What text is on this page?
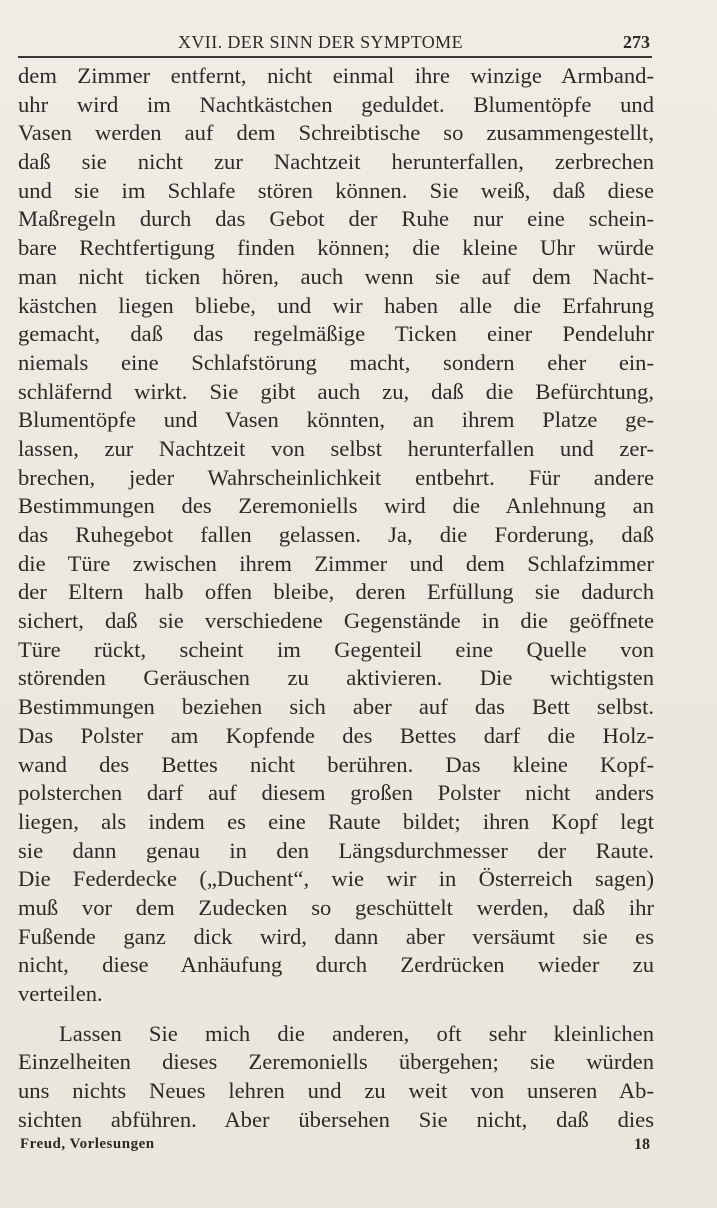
XVII. DER SINN DER SYMPTOME	273
dem Zimmer entfernt, nicht einmal ihre winzige Armband-
uhr wird im Nachtkästchen geduldet. Blumentöpfe und
Vasen werden auf dem Schreibtische so zusammengestellt,
daß sie nicht zur Nachtzeit herunterfallen, zerbrechen
und sie im Schlafe stören können. Sie weiß, daß diese
Maßregeln durch das Gebot der Ruhe nur eine schein-
bare Rechtfertigung finden können; die kleine Uhr würde
man nicht ticken hören, auch wenn sie auf dem Nacht-
kästchen liegen bliebe, und wir haben alle die Erfahrung
gemacht, daß das regelmäßige Ticken einer Pendeluhr
niemals eine Schlafstörung macht, sondern eher ein-
schläfernd wirkt. Sie gibt auch zu, daß die Befürchtung,
Blumentöpfe und Vasen könnten, an ihrem Platze ge-
lassen, zur Nachtzeit von selbst herunterfallen und zer-
brechen, jeder Wahrscheinlichkeit entbehrt. Für andere
Bestimmungen des Zeremoniells wird die Anlehnung an
das Ruhegebot fallen gelassen. Ja, die Forderung, daß
die Türe zwischen ihrem Zimmer und dem Schlafzimmer
der Eltern halb offen bleibe, deren Erfüllung sie dadurch
sichert, daß sie verschiedene Gegenstände in die geöffnete
Türe rückt, scheint im Gegenteil eine Quelle von
störenden Geräuschen zu aktivieren. Die wichtigsten
Bestimmungen beziehen sich aber auf das Bett selbst.
Das Polster am Kopfende des Bettes darf die Holz-
wand des Bettes nicht berühren. Das kleine Kopf-
polsterchen darf auf diesem großen Polster nicht anders
liegen, als indem es eine Raute bildet; ihren Kopf legt
sie dann genau in den Längsdurchmesser der Raute.
Die Federdecke („Duchent“, wie wir in Österreich sagen)
muß vor dem Zudecken so geschüttelt werden, daß ihr
Fußende ganz dick wird, dann aber versäumt sie es
nicht, diese Anhäufung durch Zerdrücken wieder zu
verteilen.
Lassen Sie mich die anderen, oft sehr kleinlichen
Einzelheiten dieses Zeremoniells übergehen; sie würden
uns nichts Neues lehren und zu weit von unseren Ab-
sichten abführen. Aber übersehen Sie nicht, daß dies
Freud, Vorlesungen	18
